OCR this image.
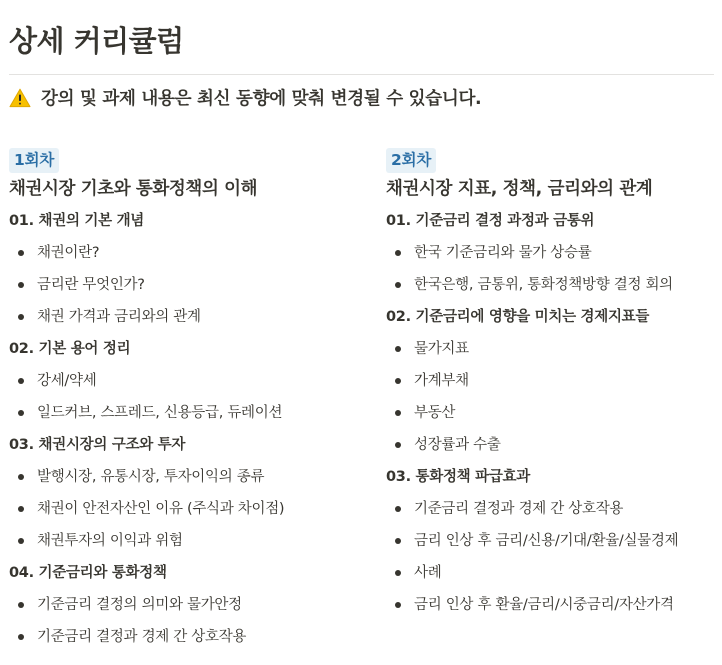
상세 커리큘럼
강의 및 과제 내용은 최신 동향에 맞춰 변경될 수 있습니다.
1회차
채권시장 기초와 통화정책의 이해
01. 채권의 기본 개념
채권이란?
금리란 무엇인가?
채권 가격과 금리와의 관계
02. 기본 용어 정리
강세/약세
일드커브, 스프레드, 신용등급, 듀레이션
03. 채권시장의 구조와 투자
발행시장, 유통시장, 투자이익의 종류
채권이 안전자산인 이유 (주식과 차이점)
채권투자의 이익과 위험
04. 기준금리와 통화정책
기준금리 결정의 의미와 물가안정
기준금리 결정과 경제 간 상호작용
2회차
채권시장 지표, 정책, 금리와의 관계
01. 기준금리 결정 과정과 금통위
한국 기준금리와 물가 상승률
한국은행, 금통위, 통화정책방향 결정 회의
02. 기준금리에 영향을 미치는 경제지표들
물가지표
가계부채
부동산
성장률과 수출
03. 통화정책 파급효과
기준금리 결정과 경제 간 상호작용
금리 인상 후 금리/신용/기대/환율/실물경제
사례
금리 인상 후 환율/금리/시중금리/자산가격
